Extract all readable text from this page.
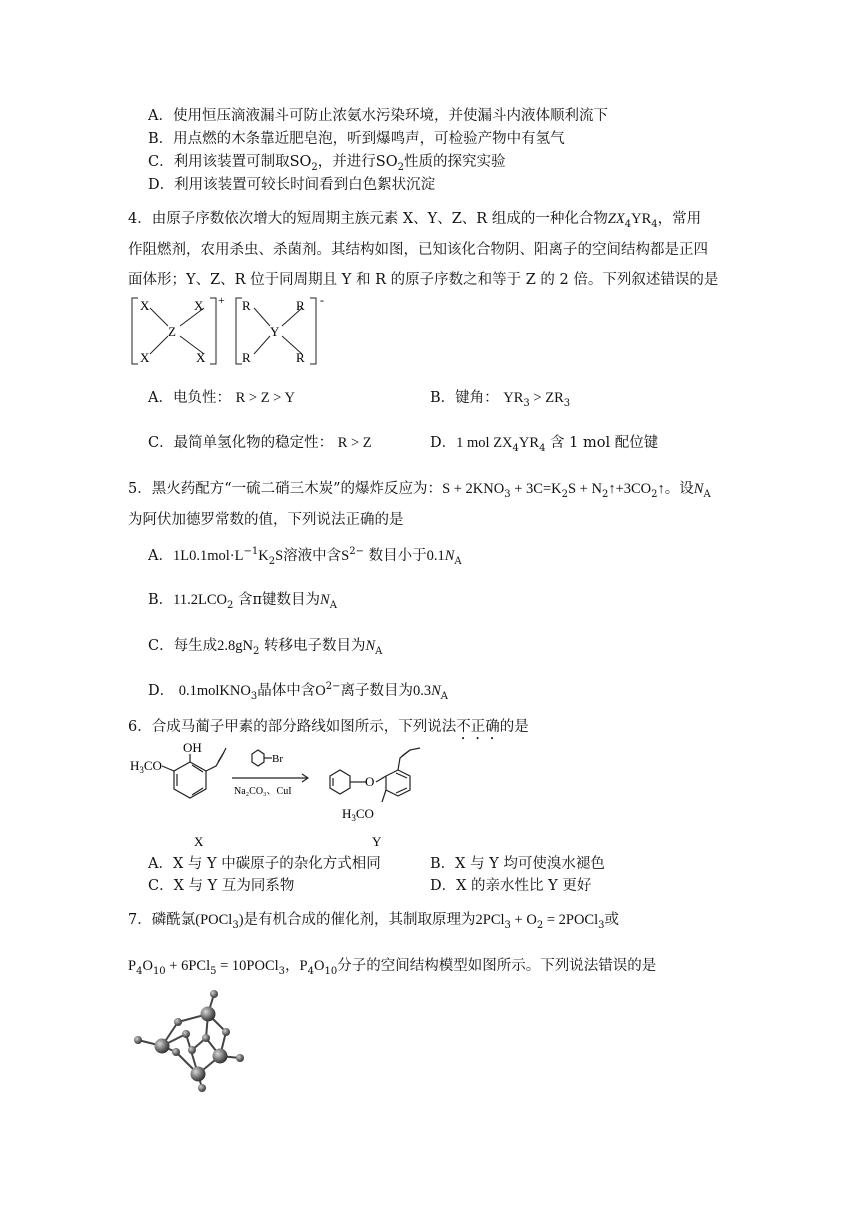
A．使用恒压滴液漏斗可防止浓氨水污染环境，并使漏斗内液体顺利流下
B．用点燃的木条靠近肥皂泡，听到爆鸣声，可检验产物中有氢气
C．利用该装置可制取$SO_2$，并进行$SO_2$性质的探究实验
D．利用该装置可较长时间看到白色絮状沉淀
4．由原子序数依次增大的短周期主族元素 X、Y、Z、R 组成的一种化合物$ZX_4YR_4$，常用
作阻燃剂，农用杀虫、杀菌剂。其结构如图，已知该化合物阴、阳离子的空间结构都是正四
面体形；Y、Z、R 位于同周期且 Y 和 R 的原子序数之和等于 Z 的 2 倍。下列叙述错误的是
X	X
Z
X	X
+ R	R
Y
R	R
-
A．电负性： R > Z > Y	B．键角： $YR_3 > ZR_3$
C．最简单氢化物的稳定性： R > Z	D．1 mol $ZX_4YR_4$ 含 1 mol 配位键
5．黑火药配方“一硫二硝三木炭”的爆炸反应为：$S + 2KNO_3 + 3C=K_2S$ + $N_2↑+3CO_2↑$。设$N_A$
为阿伏加德罗常数的值，下列说法正确的是
A．$1L0.1mol\cdot L^{-1}K_2S$溶液中含$S^{2-}$ 数目小于$0.1N_A$
B．$11.2LCO_2$ 含π键数目为$N_A$
C．每生成$2.8gN_2$ 转移电子数目为$N_A$
D． 0.1molKNO$_3$晶体中含$O^{2-}$离子数目为$0.3N_A$
6．合成马蔺子甲素的部分路线如图所示，下列说法不正确的是
OH
$H_3CO$
X
Br
Na₂CO₃、CuI
O
$H_3CO$
Y
A．X 与 Y 中碳原子的杂化方式相同	B．X 与 Y 均可使溴水褪色
C．X 与 Y 互为同系物	D．X 的亲水性比 Y 更好
7．磷酰氯(POCl$_3$)是有机合成的催化剂，其制取原理为$2PCl_3 + O_2$ = 2POCl$_3$或
$P_4O_{10} + 6PCl_5$ = 10POCl$_3$，$P_4O_{10}$分子的空间结构模型如图所示。下列说法错误的是
